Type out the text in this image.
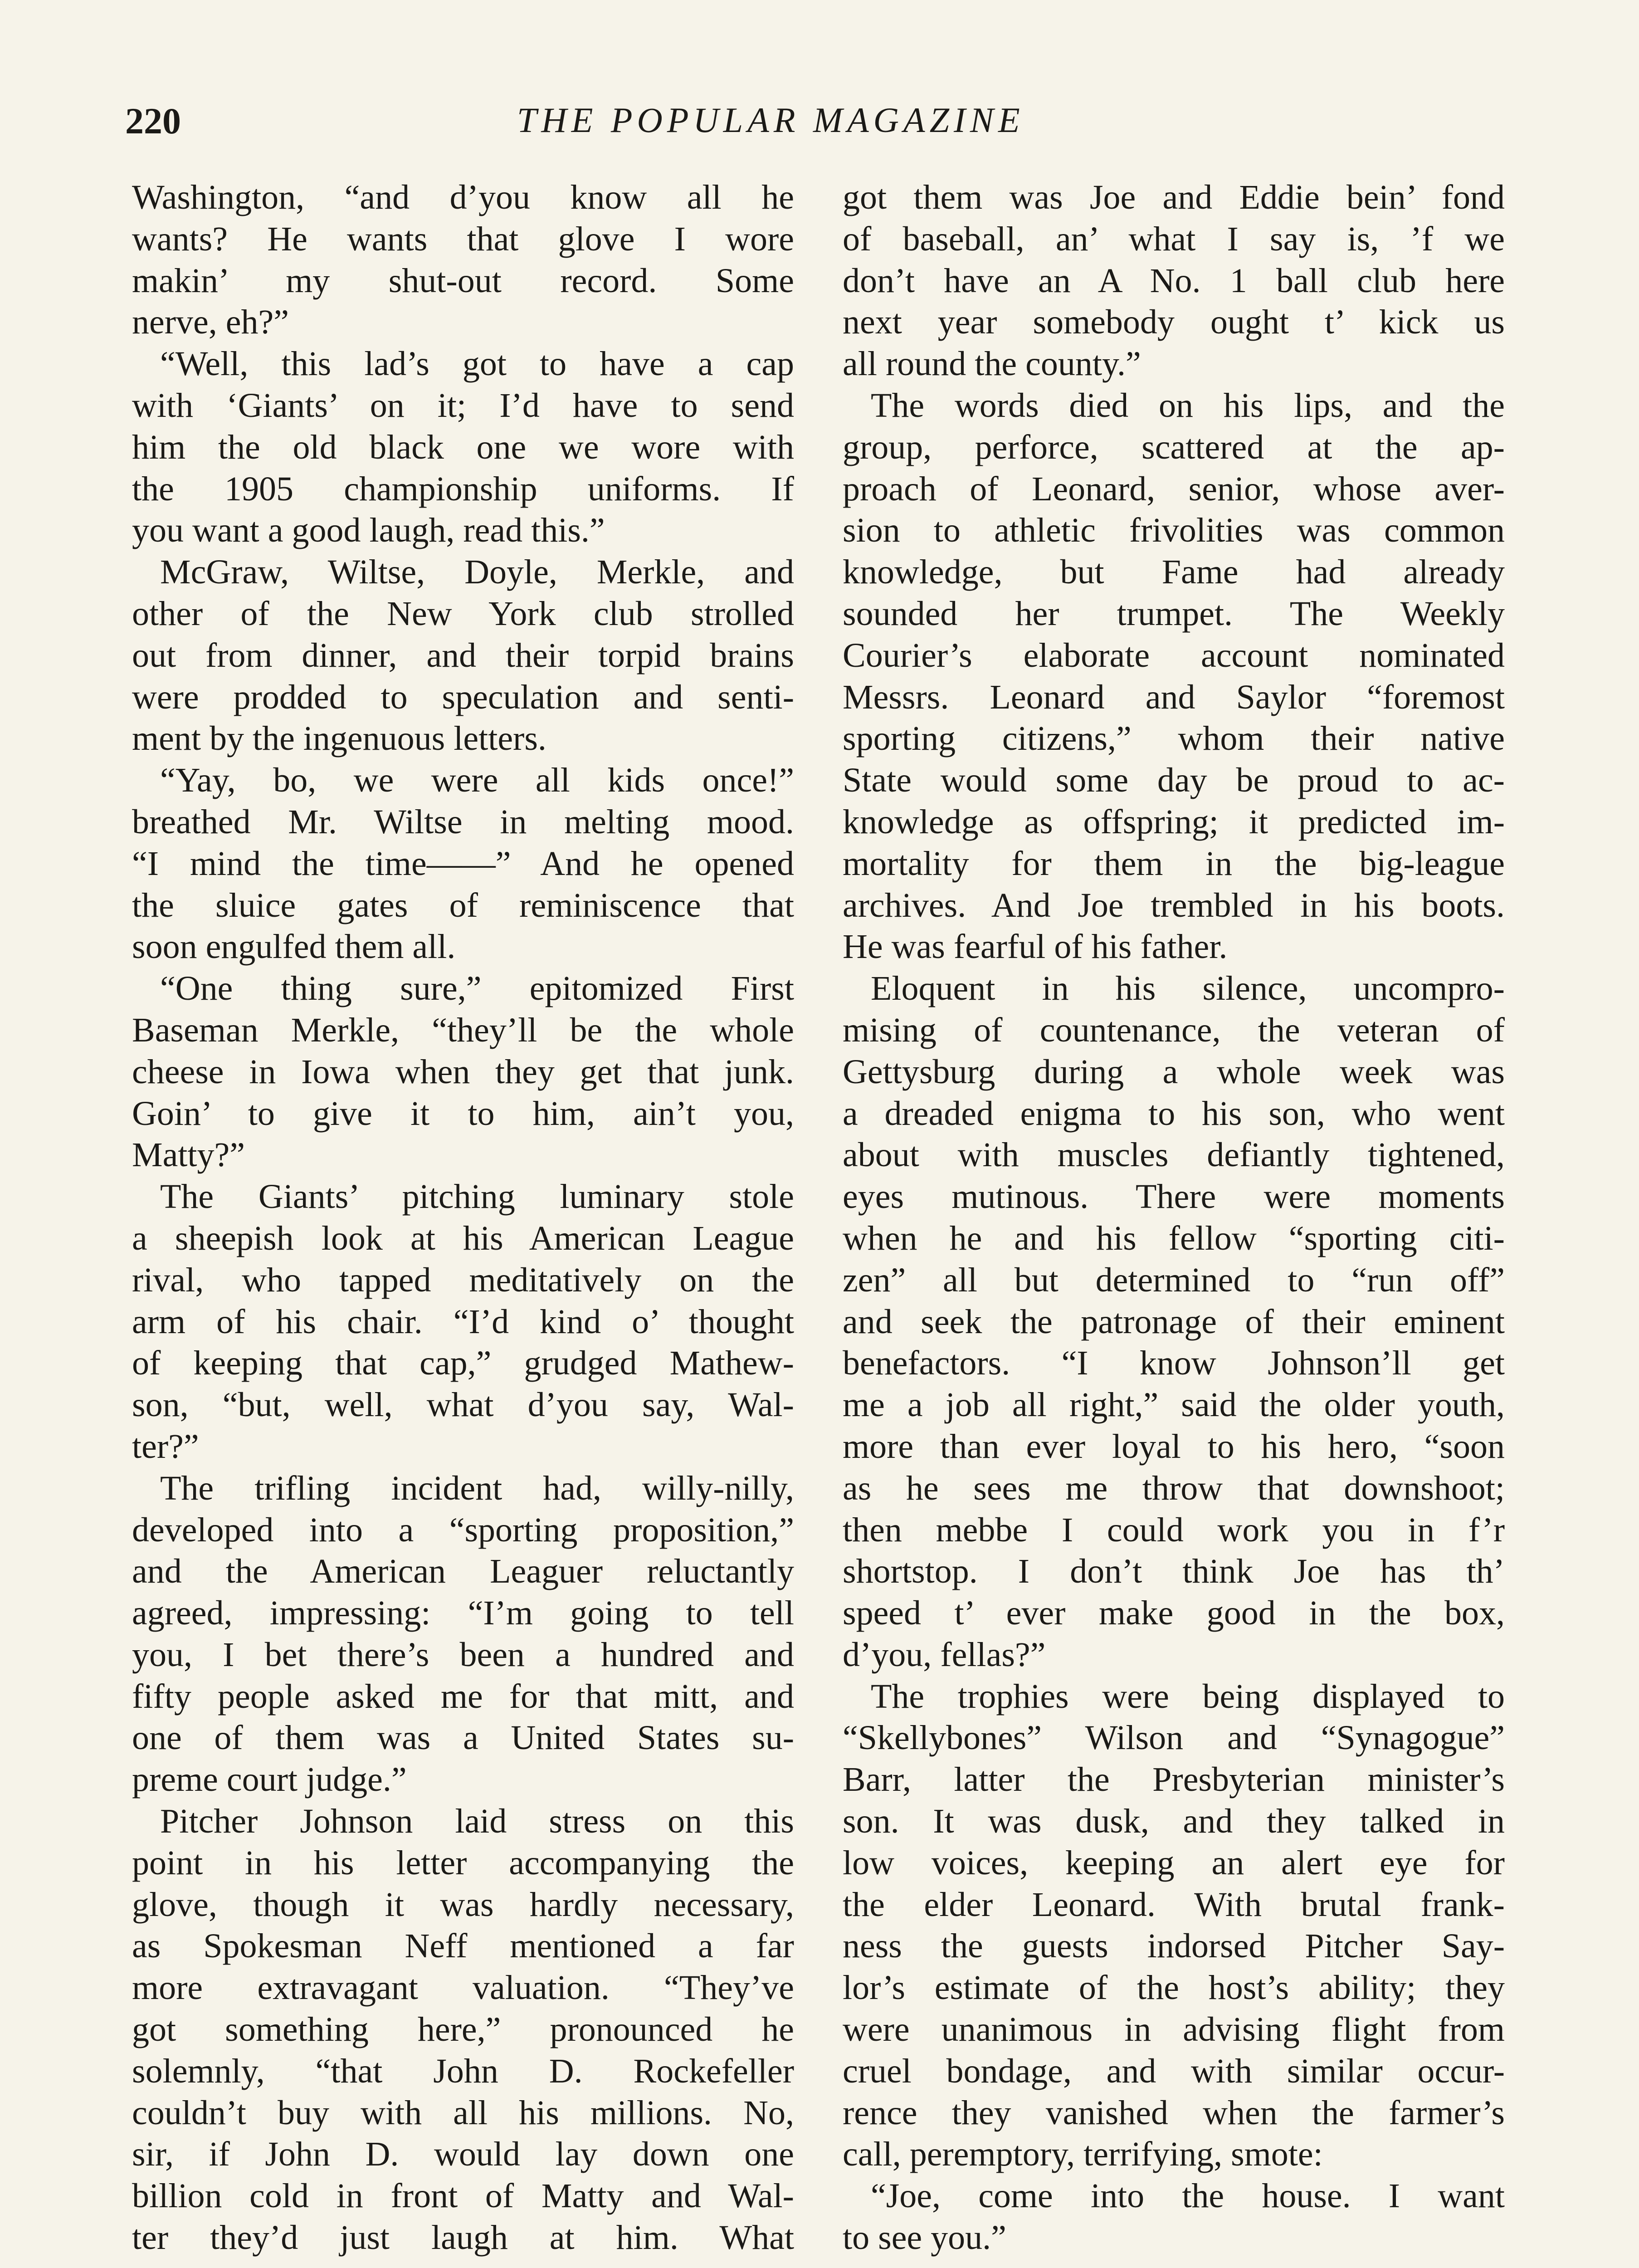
220	THE POPULAR MAGAZINE

Washington, “and d’you know all he

wants? He wants that glove I wore

makin’ my shut-out record. Some

nerve, eh?”

“Well, this lad’s got to have a cap

with ‘Giants’ on it; I’d have to send

him the old black one we wore with

the 1905 championship uniforms. If

you want a good laugh, read this.”

McGraw, Wiltse, Doyle, Merkle, and

other of the New York club strolled

out from dinner, and their torpid brains

were prodded to speculation and senti-

ment by the ingenuous letters.

“Yay, bo, we were all kids once!”

breathed Mr. Wiltse in melting mood.

“I mind the time——” And he opened

the sluice gates of reminiscence that

soon engulfed them all.

“One thing sure,” epitomized First

Baseman Merkle, “they’ll be the whole

cheese in Iowa when they get that junk.

Goin’ to give it to him, ain’t you,

Matty?”

The Giants’ pitching luminary stole

a sheepish look at his American League

rival, who tapped meditatively on the

arm of his chair. “I’d kind o’ thought

of keeping that cap,” grudged Mathew-

son, “but, well, what d’you say, Wal-

ter?”

The trifling incident had, willy-nilly,

developed into a “sporting proposition,”

and the American Leaguer reluctantly

agreed, impressing: “I’m going to tell

you, I bet there’s been a hundred and

fifty people asked me for that mitt, and

one of them was a United States su-

preme court judge.”

Pitcher Johnson laid stress on this

point in his letter accompanying the

glove, though it was hardly necessary,

as Spokesman Neff mentioned a far

more extravagant valuation. “They’ve

got something here,” pronounced he

solemnly, “that John D. Rockefeller

couldn’t buy with all his millions. No,

sir, if John D. would lay down one

billion cold in front of Matty and Wal-

ter they’d just laugh at him. What

got them was Joe and Eddie bein’ fond

of baseball, an’ what I say is, ’f we

don’t have an A No. 1 ball club here

next year somebody ought t’ kick us

all round the county.”

The words died on his lips, and the

group, perforce, scattered at the ap-

proach of Leonard, senior, whose aver-

sion to athletic frivolities was common

knowledge, but Fame had already

sounded her trumpet. The Weekly

Courier’s elaborate account nominated

Messrs. Leonard and Saylor “foremost

sporting citizens,” whom their native

State would some day be proud to ac-

knowledge as offspring; it predicted im-

mortality for them in the big-league

archives. And Joe trembled in his boots.

He was fearful of his father.

Eloquent in his silence, uncompro-

mising of countenance, the veteran of

Gettysburg during a whole week was

a dreaded enigma to his son, who went

about with muscles defiantly tightened,

eyes mutinous. There were moments

when he and his fellow “sporting citi-

zen” all but determined to “run off”

and seek the patronage of their eminent

benefactors. “I know Johnson’ll get

me a job all right,” said the older youth,

more than ever loyal to his hero, “soon

as he sees me throw that downshoot;

then mebbe I could work you in f’r

shortstop. I don’t think Joe has th’

speed t’ ever make good in the box,

d’you, fellas?”

The trophies were being displayed to

“Skellybones” Wilson and “Synagogue”

Barr, latter the Presbyterian minister’s

son. It was dusk, and they talked in

low voices, keeping an alert eye for

the elder Leonard. With brutal frank-

ness the guests indorsed Pitcher Say-

lor’s estimate of the host’s ability; they

were unanimous in advising flight from

cruel bondage, and with similar occur-

rence they vanished when the farmer’s

call, peremptory, terrifying, smote:

“Joe, come into the house. I want

to see you.”
